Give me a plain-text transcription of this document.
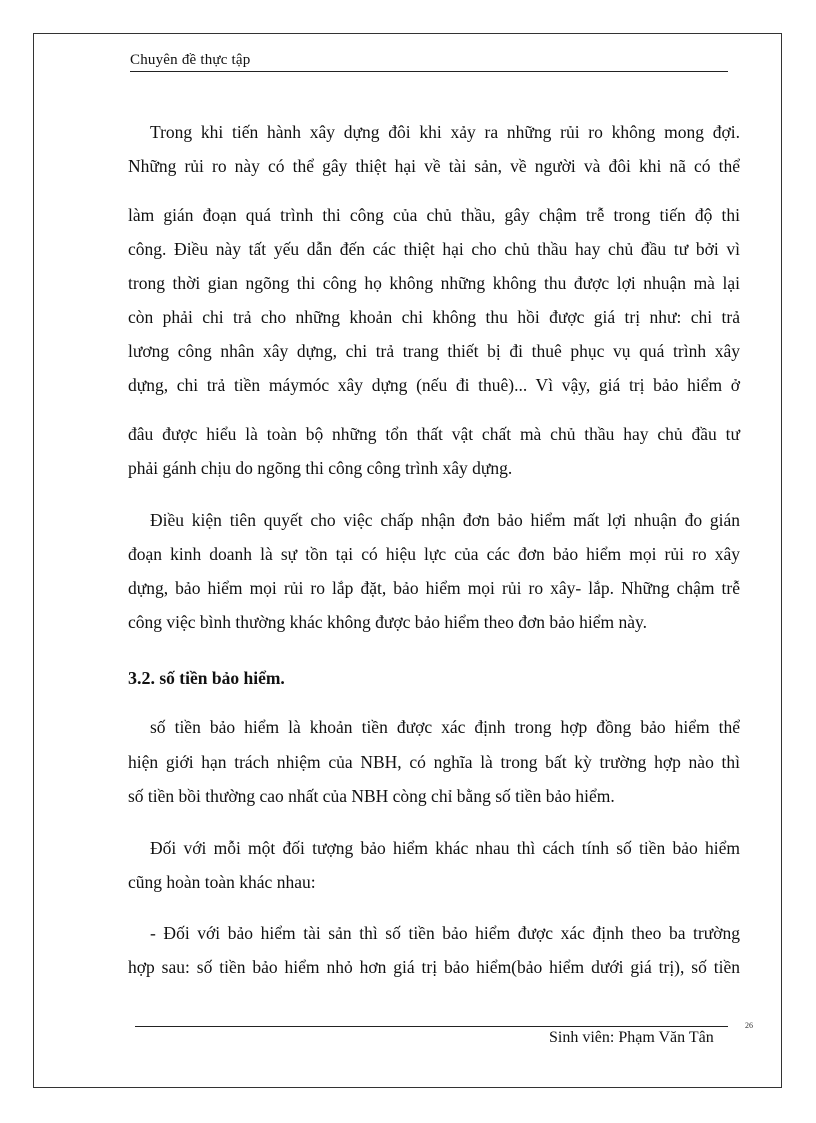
Chuyên đề thực tập
Trong khi tiến hành xây dựng đôi khi xảy ra những rủi ro không mong đợi.
Những rủi ro này có thể gây thiệt hại về tài sản, về người và đôi khi nã có thể
làm gián đoạn quá trình thi công của chủ thầu, gây chậm trễ trong tiến độ thi
công. Điều này tất yếu dẫn đến các thiệt hại cho chủ thầu hay chủ đầu tư bởi vì
trong thời gian ngõng thi công họ không những không thu được lợi nhuận mà lại
còn phải chi trả cho những khoản chi không thu hồi được giá trị như: chi trả
lương công nhân xây dựng, chi trả trang thiết bị đi thuê phục vụ quá trình xây
dựng, chi trả tiền máymóc xây dựng (nếu đi thuê)... Vì vậy, giá trị bảo hiểm ở
đâu được hiểu là toàn bộ những tổn thất vật chất mà chủ thầu hay chủ đầu tư
phải gánh chịu do ngõng thi công công trình xây dựng.
Điều kiện tiên quyết cho việc chấp nhận đơn bảo hiểm mất lợi nhuận đo gián
đoạn kinh doanh là sự tồn tại có hiệu lực của các đơn bảo hiểm mọi rủi ro xây
dựng, bảo hiểm mọi rủi ro lắp đặt, bảo hiểm mọi rủi ro xây- lắp. Những chậm trễ
công việc bình thường khác không được bảo hiểm theo đơn bảo hiểm này.
3.2. số tiền bảo hiểm.
số tiền bảo hiểm là khoản tiền được xác định trong hợp đồng bảo hiểm thể
hiện giới hạn trách nhiệm của NBH, có nghĩa là trong bất kỳ trường hợp nào thì
số tiền bồi thường cao nhất của NBH còng chỉ bằng số tiền bảo hiểm.
Đối với mỗi một đối tượng bảo hiểm khác nhau thì cách tính số tiền bảo hiểm
cũng hoàn toàn khác nhau:
- Đối với bảo hiểm tài sản thì số tiền bảo hiểm được xác định theo ba trường
hợp sau: số tiền bảo hiểm nhỏ hơn giá trị bảo hiểm(bảo hiểm dưới giá trị), số tiền
Sinh viên: Phạm Văn Tân
26
